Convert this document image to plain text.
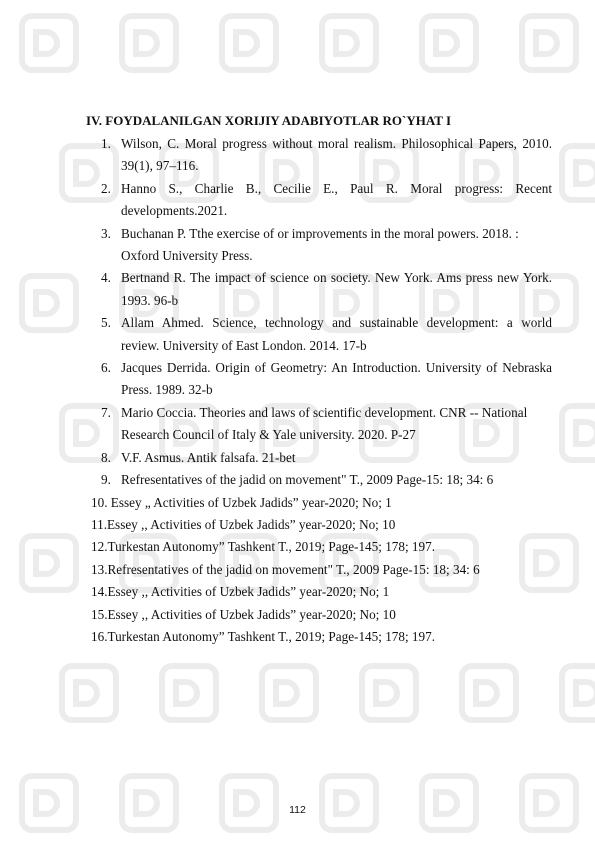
IV. FOYDALANILGAN XORIJIY ADABIYOTLAR RO`YHAT I
1. Wilson, C. Moral progress without moral realism. Philosophical Papers, 2010. 39(1), 97–116.
2. Hanno S., Charlie B., Cecilie E., Paul R. Moral progress: Recent developments.2021.
3. Buchanan P. Tthe exercise of or improvements in the moral powers. 2018. : Oxford University Press.
4. Bertnand R. The impact of science on society. New York. Ams press new York. 1993. 96-b
5. Allam Ahmed. Science, technology and sustainable development: a world review. University of East London. 2014. 17-b
6. Jacques Derrida. Origin of Geometry: An Introduction. University of Nebraska Press. 1989. 32-b
7. Mario Coccia. Theories and laws of scientific development. CNR -- National Research Council of Italy & Yale university. 2020. P-27
8. V.F. Asmus. Antik falsafa. 21-bet
9. Refresentatives of the jadid on movement" T., 2009 Page-15: 18; 34: 6
10. Essey „ Activities of Uzbek Jadids” year-2020; No; 1
11.Essey ,, Activities of Uzbek Jadids” year-2020; No; 10
12.Turkestan Autonomy” Tashkent T., 2019; Page-145; 178; 197.
13.Refresentatives of the jadid on movement" T., 2009 Page-15: 18; 34: 6
14.Essey ,, Activities of Uzbek Jadids” year-2020; No; 1
15.Essey ,, Activities of Uzbek Jadids” year-2020; No; 10
16.Turkestan Autonomy” Tashkent T., 2019; Page-145; 178; 197.
112
